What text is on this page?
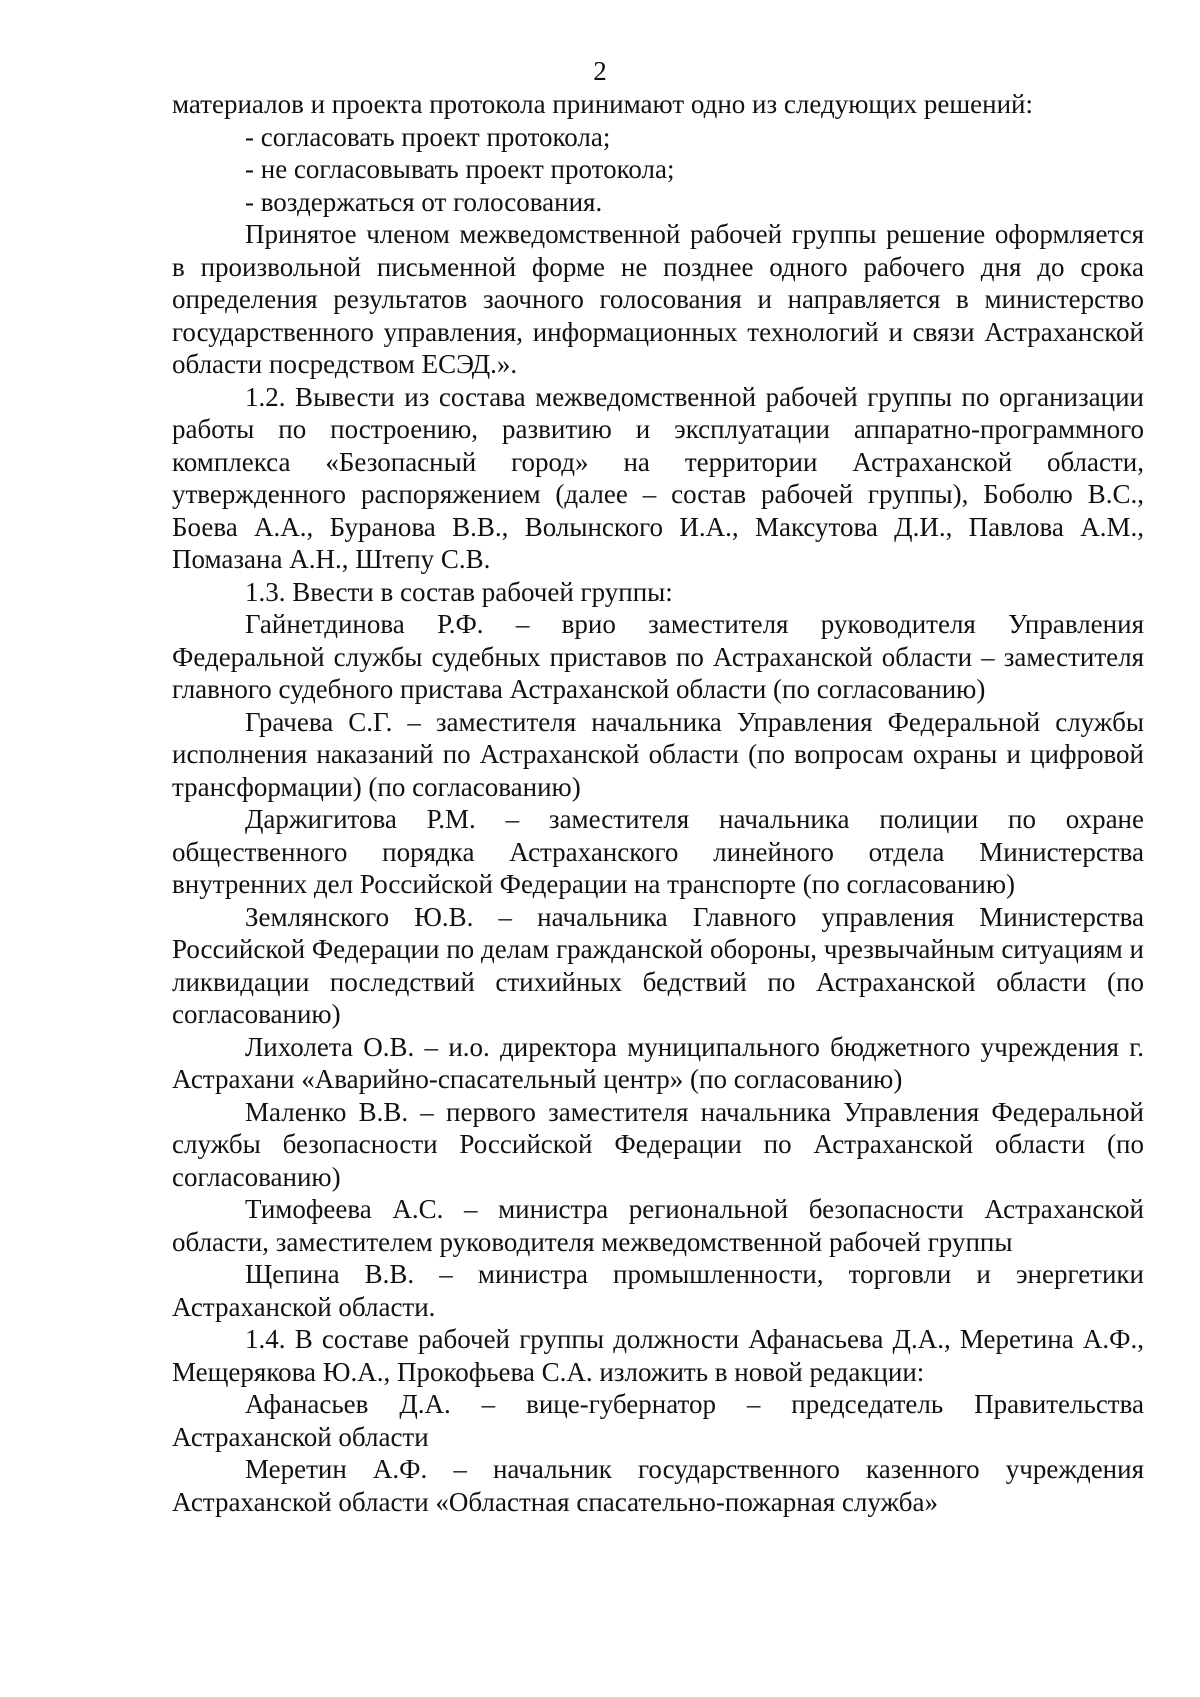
2

материалов и проекта протокола принимают одно из следующих решений:

- согласовать проект протокола;

- не согласовывать проект протокола;

- воздержаться от голосования.

Принятое членом межведомственной рабочей группы решение оформляется в произвольной письменной форме не позднее одного рабочего дня до срока определения результатов заочного голосования и направляется в министерство государственного управления, информационных технологий и связи Астраханской области посредством ЕСЭД.».

1.2. Вывести из состава межведомственной рабочей группы по организации работы по построению, развитию и эксплуатации аппаратно-программного комплекса «Безопасный город» на территории Астраханской области, утвержденного распоряжением (далее – состав рабочей группы), Боболю В.С., Боева А.А., Буранова В.В., Волынского И.А., Максутова Д.И., Павлова А.М., Помазана А.Н., Штепу С.В.

1.3. Ввести в состав рабочей группы:

Гайнетдинова Р.Ф. – врио заместителя руководителя Управления Федеральной службы судебных приставов по Астраханской области – заместителя главного судебного пристава Астраханской области (по согласованию)

Грачева С.Г. – заместителя начальника Управления Федеральной службы исполнения наказаний по Астраханской области (по вопросам охраны и цифровой трансформации) (по согласованию)

Даржигитова Р.М. – заместителя начальника полиции по охране общественного порядка Астраханского линейного отдела Министерства внутренних дел Российской Федерации на транспорте (по согласованию)

Землянского Ю.В. – начальника Главного управления Министерства Российской Федерации по делам гражданской обороны, чрезвычайным ситуациям и ликвидации последствий стихийных бедствий по Астраханской области (по согласованию)

Лихолета О.В. – и.о. директора муниципального бюджетного учреждения г. Астрахани «Аварийно-спасательный центр» (по согласованию)

Маленко В.В. – первого заместителя начальника Управления Федеральной службы безопасности Российской Федерации по Астраханской области (по согласованию)

Тимофеева А.С. – министра региональной безопасности Астраханской области, заместителем руководителя межведомственной рабочей группы

Щепина В.В. – министра промышленности, торговли и энергетики Астраханской области.

1.4. В составе рабочей группы должности Афанасьева Д.А., Меретина А.Ф., Мещерякова Ю.А., Прокофьева С.А. изложить в новой редакции:

Афанасьев Д.А. – вице-губернатор – председатель Правительства Астраханской области

Меретин А.Ф. – начальник государственного казенного учреждения Астраханской области «Областная спасательно-пожарная служба»
